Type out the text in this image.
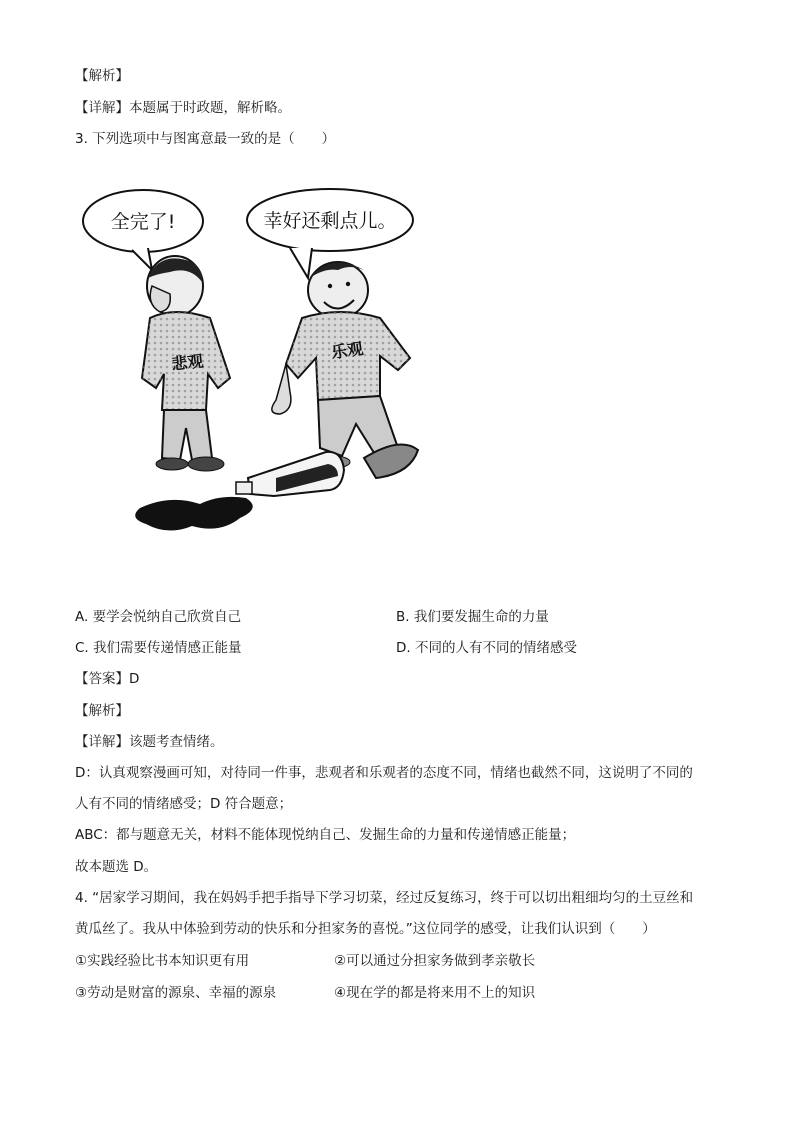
【解析】
【详解】本题属于时政题，解析略。
3. 下列选项中与图寓意最一致的是（　　）
全完了!	幸好还剩点儿。
悲观
乐观
A. 要学会悦纳自己欣赏自己	B. 我们要发掘生命的力量
C. 我们需要传递情感正能量	D. 不同的人有不同的情绪感受
【答案】D
【解析】
【详解】该题考查情绪。
D：认真观察漫画可知，对待同一件事，悲观者和乐观者的态度不同，情绪也截然不同，这说明了不同的
人有不同的情绪感受；D 符合题意；
ABC：都与题意无关，材料不能体现悦纳自己、发掘生命的力量和传递情感正能量；
故本题选 D。
4. “居家学习期间，我在妈妈手把手指导下学习切菜，经过反复练习，终于可以切出粗细均匀的土豆丝和
黄瓜丝了。我从中体验到劳动的快乐和分担家务的喜悦。”这位同学的感受，让我们认识到（　　）
①实践经验比书本知识更有用	②可以通过分担家务做到孝亲敬长
③劳动是财富的源泉、幸福的源泉	④现在学的都是将来用不上的知识
